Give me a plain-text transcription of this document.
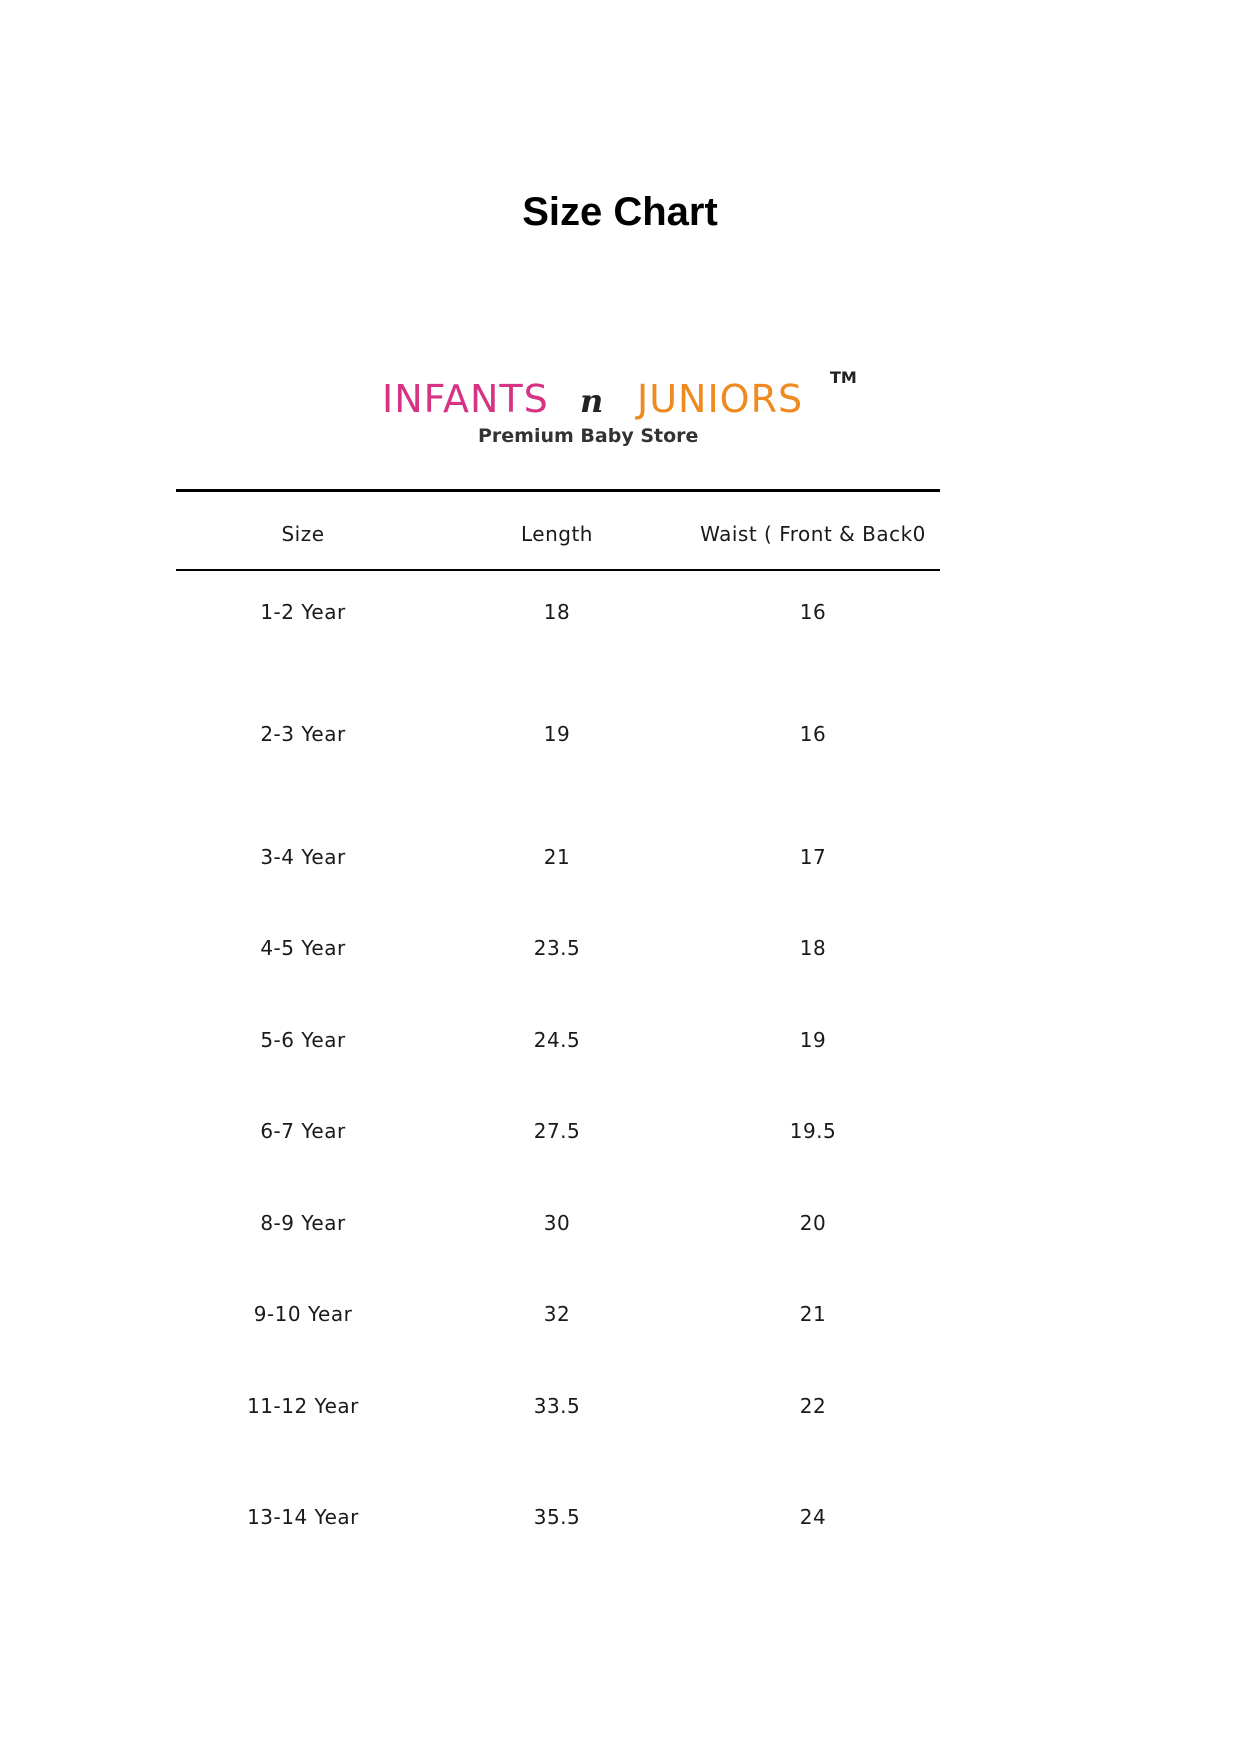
Size Chart
INFANTS n JUNIORS TM
Premium Baby Store
Size	Length	Waist ( Front & Back0
1-2 Year	18	16
2-3 Year	19	16
3-4 Year	21	17
4-5 Year	23.5	18
5-6 Year	24.5	19
6-7 Year	27.5	19.5
8-9 Year	30	20
9-10 Year	32	21
11-12 Year	33.5	22
13-14 Year	35.5	24
